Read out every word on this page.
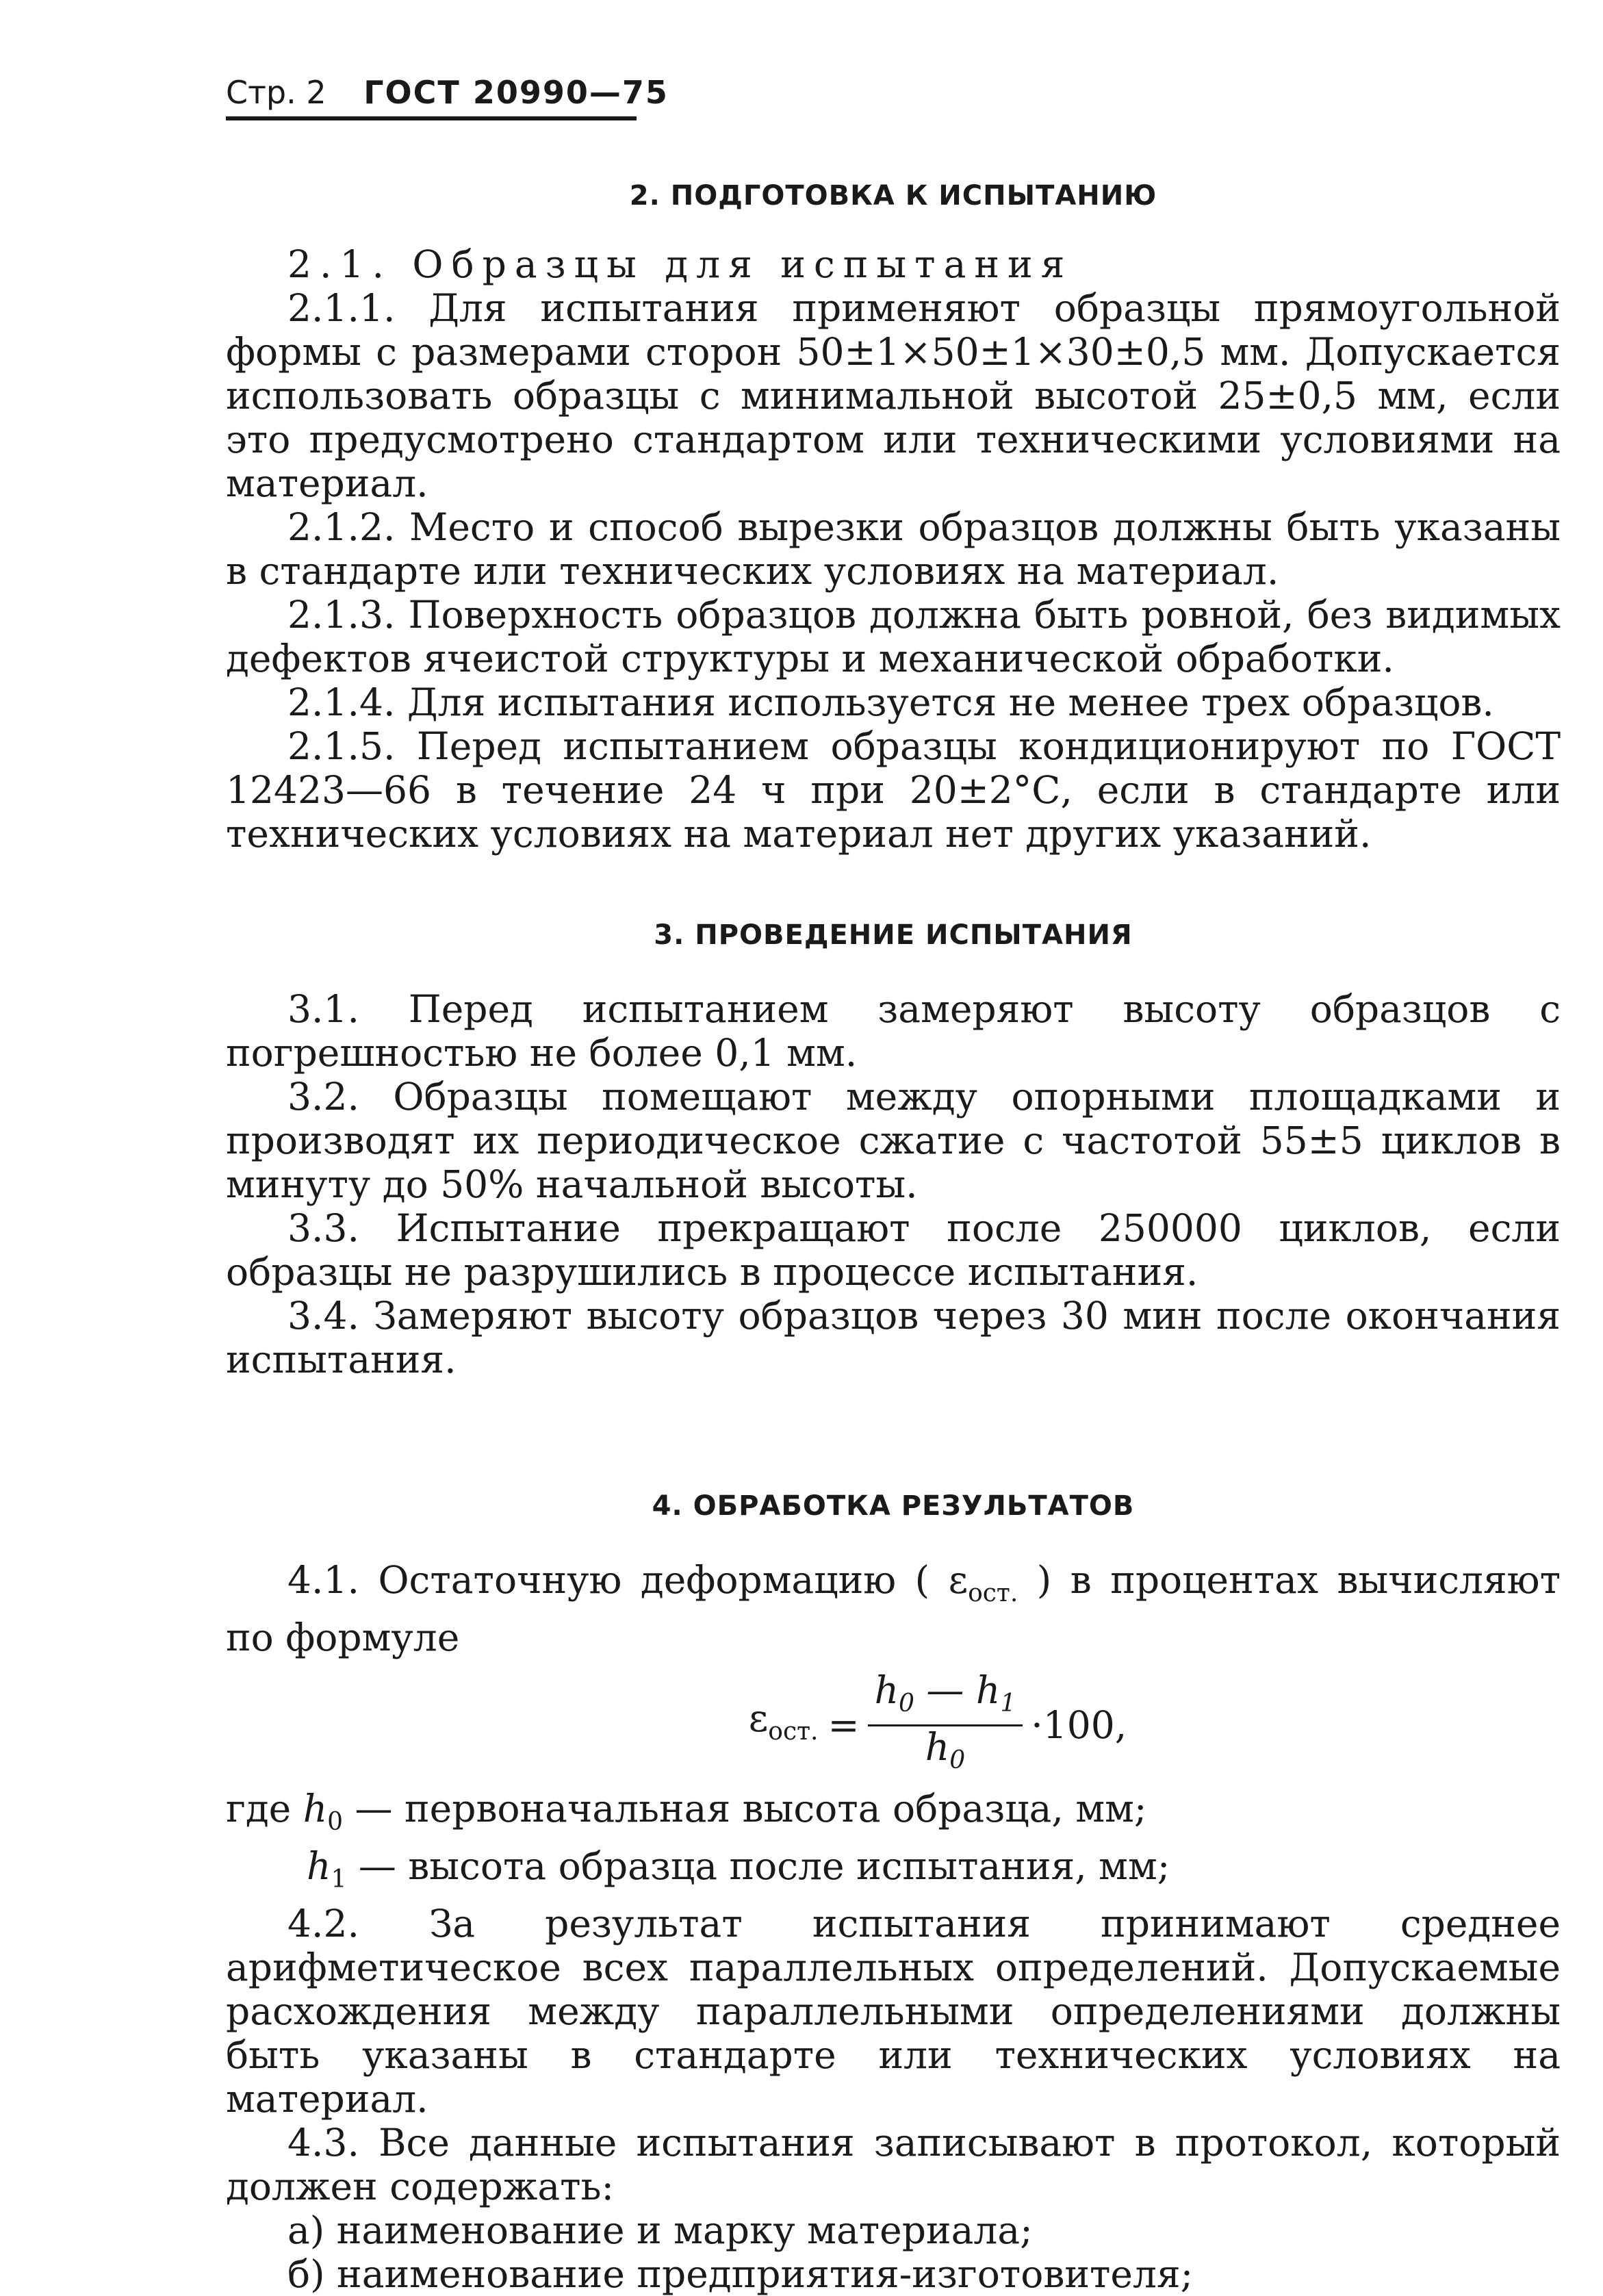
Стр. 2 ГОСТ 20990—75
2. ПОДГОТОВКА К ИСПЫТАНИЮ

2.1. Образцы для испытания

2.1.1. Для испытания применяют образцы прямоугольной формы с размерами сторон 50±1×50±1×30±0,5 мм. Допускается использовать образцы с минимальной высотой 25±0,5 мм, если это предусмотрено стандартом или техническими условиями на материал.

2.1.2. Место и способ вырезки образцов должны быть указаны в стандарте или технических условиях на материал.

2.1.3. Поверхность образцов должна быть ровной, без видимых дефектов ячеистой структуры и механической обработки.

2.1.4. Для испытания используется не менее трех образцов.

2.1.5. Перед испытанием образцы кондиционируют по ГОСТ 12423—66 в течение 24 ч при 20±2°С, если в стандарте или технических условиях на материал нет других указаний.

3. ПРОВЕДЕНИЕ ИСПЫТАНИЯ

3.1. Перед испытанием замеряют высоту образцов с погрешностью не более 0,1 мм.

3.2. Образцы помещают между опорными площадками и производят их периодическое сжатие с частотой 55±5 циклов в минуту до 50% начальной высоты.

3.3. Испытание прекращают после 250000 циклов, если образцы не разрушились в процессе испытания.

3.4. Замеряют высоту образцов через 30 мин после окончания испытания.

4. ОБРАБОТКА РЕЗУЛЬТАТОВ

4.1. Остаточную деформацию ( $\varepsilon_{ост.}$ ) в процентах вычисляют по формуле

$\varepsilon_{ост.} = \frac{h_0 — h_1}{h_0} \cdot 100$,

где $h_0$ — первоначальная высота образца, мм;

$h_1$ — высота образца после испытания, мм;

4.2. За результат испытания принимают среднее арифметическое всех параллельных определений. Допускаемые расхождения между параллельными определениями должны быть указаны в стандарте или технических условиях на материал.

4.3. Все данные испытания записывают в протокол, который должен содержать:

а) наименование и марку материала;

б) наименование предприятия-изготовителя;
